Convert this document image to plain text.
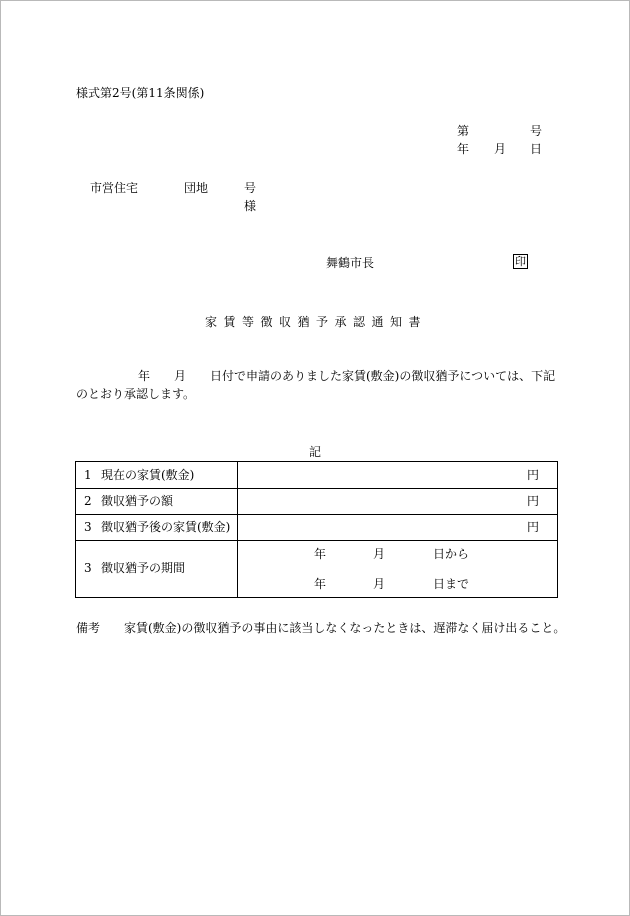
様式第2号(第11条関係)
第	号
年 月 日
市営住宅	団地	号
様
舞鶴市長	印
家賃等徴収猶予承認通知書
年 月 日付で申請のありました家賃(敷金)の徴収猶予については、下記
のとおり承認します。
記
1 現在の家賃(敷金)	円
2 徴収猶予の額	円
3 徴収猶予後の家賃(敷金)	円
3 徴収猶予の期間
年	月	日から
年	月	日まで
備考 家賃(敷金)の徴収猶予の事由に該当しなくなったときは、遅滞なく届け出ること。
